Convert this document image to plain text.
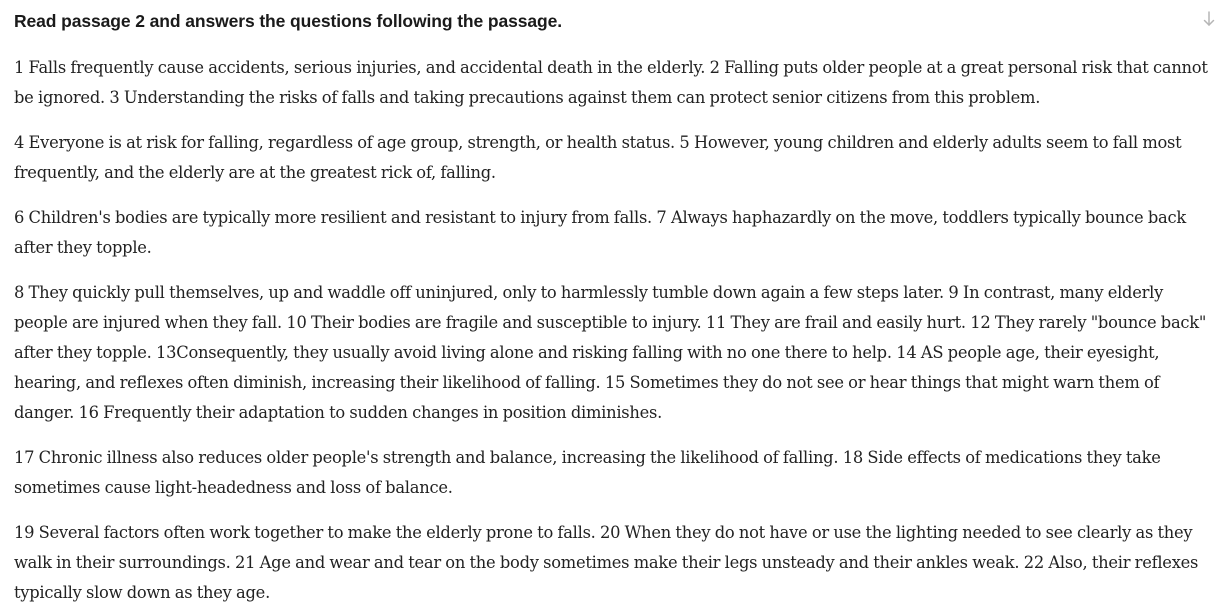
Read passage 2 and answers the questions following the passage.

1 Falls frequently cause accidents, serious injuries, and accidental death in the elderly. 2 Falling puts older people at a great personal risk that cannot be ignored. 3 Understanding the risks of falls and taking precautions against them can protect senior citizens from this problem.

4 Everyone is at risk for falling, regardless of age group, strength, or health status. 5 However, young children and elderly adults seem to fall most frequently, and the elderly are at the greatest rick of, falling.

6 Children's bodies are typically more resilient and resistant to injury from falls. 7 Always haphazardly on the move, toddlers typically bounce back after they topple.

8 They quickly pull themselves, up and waddle off uninjured, only to harmlessly tumble down again a few steps later. 9 In contrast, many elderly people are injured when they fall. 10 Their bodies are fragile and susceptible to injury. 11 They are frail and easily hurt. 12 They rarely "bounce back" after they topple. 13Consequently, they usually avoid living alone and risking falling with no one there to help. 14 AS people age, their eyesight, hearing, and reflexes often diminish, increasing their likelihood of falling. 15 Sometimes they do not see or hear things that might warn them of danger. 16 Frequently their adaptation to sudden changes in position diminishes.

17 Chronic illness also reduces older people's strength and balance, increasing the likelihood of falling. 18 Side effects of medications they take sometimes cause light-headedness and loss of balance.

19 Several factors often work together to make the elderly prone to falls. 20 When they do not have or use the lighting needed to see clearly as they walk in their surroundings. 21 Age and wear and tear on the body sometimes make their legs unsteady and their ankles weak. 22 Also, their reflexes typically slow down as they age.
